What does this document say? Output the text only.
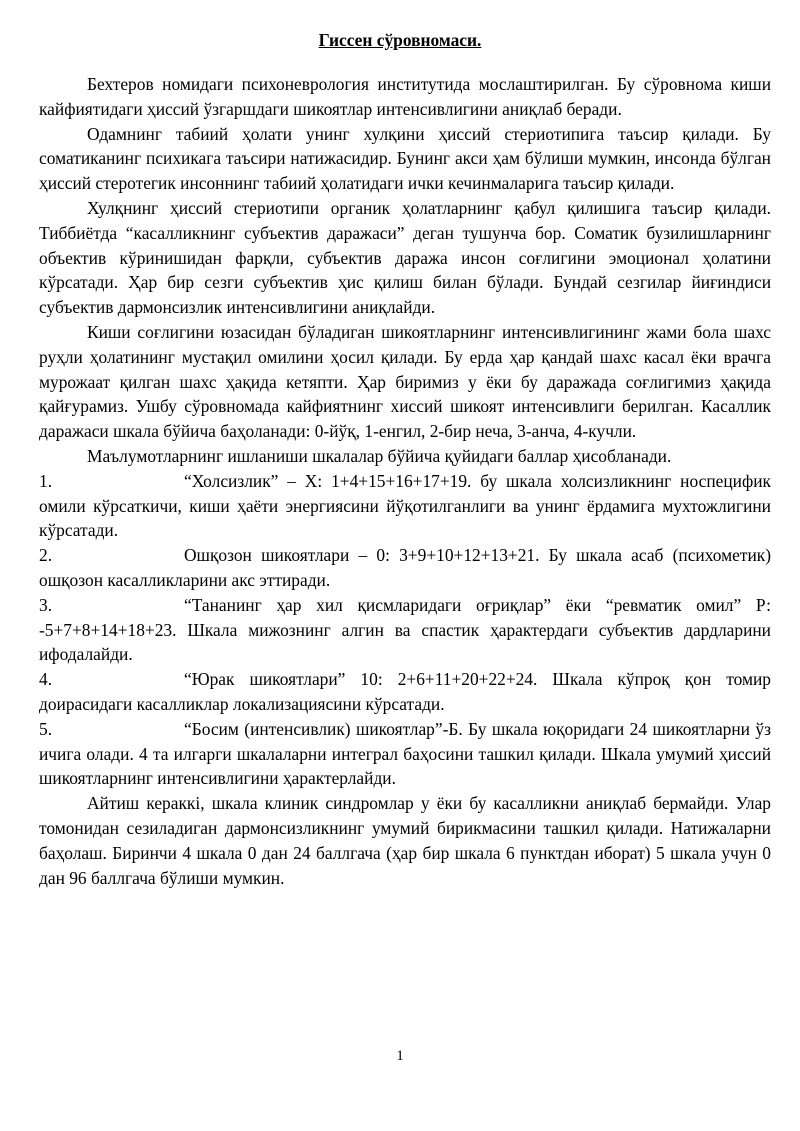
Гиссен сўровномаси.

Бехтеров номидаги психоневрология институтида мослаштирилган. Бу сўровнома киши кайфиятидаги ҳиссий ўзгаршдаги шикоятлар интенсивлигини аниқлаб беради.

Одамнинг табиий ҳолати унинг хулқини ҳиссий стериотипига таъсир қилади. Бу соматиканинг психикага таъсири натижасидир. Бунинг акси ҳам бўлиши мумкин, инсонда бўлган ҳиссий стеротегик инсоннинг табиий ҳолатидаги ички кечинмаларига таъсир қилади.

Хулқнинг ҳиссий стериотипи органик ҳолатларнинг қабул қилишига таъсир қилади. Тиббиётда “касалликнинг субъектив даражаси” деган тушунча бор. Соматик бузилишларнинг объектив кўринишидан фарқли, субъектив даража инсон соғлигини эмоционал ҳолатини кўрсатади. Ҳар бир сезги субъектив ҳис қилиш билан бўлади. Бундай сезгилар йиғиндиси субъектив дармонсизлик интенсивлигини аниқлайди.

Киши соғлигини юзасидан бўладиган шикоятларнинг интенсивлигининг жами бола шахс руҳли ҳолатининг мустақил омилини ҳосил қилади. Бу ерда ҳар қандай шахс касал ёки врачга мурожаат қилган шахс ҳақида кетяпти. Ҳар биримиз у ёки бу даражада соғлигимиз ҳақида қайғурамиз. Ушбу сўровномада кайфиятнинг хиссий шикоят интенсивлиги берилган. Касаллик даражаси шкала бўйича баҳоланади: 0-йўқ, 1-енгил, 2-бир неча, 3-анча, 4-кучли.

Маълумотларнинг ишланиши шкалалар бўйича қуйидаги баллар ҳисобланади.

1.	“Холсизлик” – Х: 1+4+15+16+17+19. бу шкала холсизликнинг носпецифик омили кўрсаткичи, киши ҳаёти энергиясини йўқотилганлиги ва унинг ёрдамига мухтожлигини кўрсатади.

2.	Ошқозон шикоятлари – 0: 3+9+10+12+13+21. Бу шкала асаб (психометик) ошқозон касалликларини акс эттиради.

3.	“Тананинг ҳар хил қисмларидаги оғриқлар” ёки “ревматик омил” Р: -5+7+8+14+18+23. Шкала мижознинг алгин ва спастик ҳарактердаги субъектив дардларини ифодалайди.

4.	“Юрак шикоятлари” 10: 2+6+11+20+22+24. Шкала кўпроқ қон томир доирасидаги касалликлар локализациясини кўрсатади.

5.	“Босим (интенсивлик) шикоятлар”-Б. Бу шкала юқоридаги 24 шикоятларни ўз ичига олади. 4 та илгарги шкалаларни интеграл баҳосини ташкил қилади. Шкала умумий ҳиссий шикоятларнинг интенсивлигини ҳарактерлайди.

Айтиш кераккi, шкала клиник синдромлар у ёки бу касалликни аниқлаб бермайди. Улар томонидан сезиладиган дармонсизликнинг умумий бирикмасини ташкил қилади. Натижаларни баҳолаш. Биринчи 4 шкала 0 дан 24 баллгача (ҳар бир шкала 6 пунктдан иборат) 5 шкала учун 0 дан 96 баллгача бўлиши мумкин.

1
